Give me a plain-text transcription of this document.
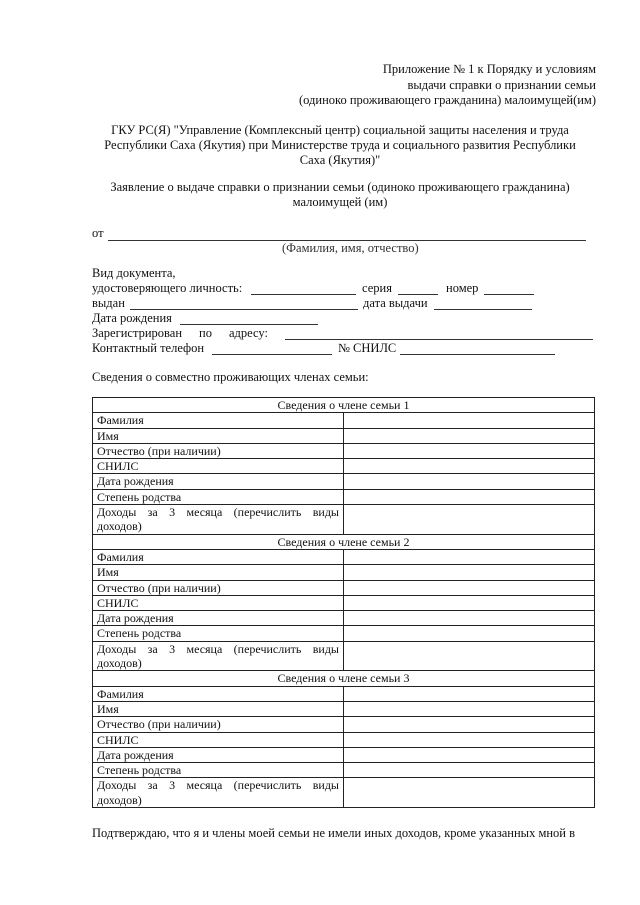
Приложение № 1 к Порядку и условиям
выдачи справки о признании семьи
(одиноко проживающего гражданина) малоимущей(им)
ГКУ РС(Я) "Управление (Комплексный центр) социальной защиты населения и труда
Республики Саха (Якутия) при Министерстве труда и социального развития Республики
Саха (Якутия)"
Заявление о выдаче справки о признании семьи (одиноко проживающего гражданина)
малоимущей (им)
от
(Фамилия, имя, отчество)
Вид документа,
удостоверяющего личность:	серия	номер
выдан	дата выдачи
Дата рождения
Зарегистрирован по адресу:
Контактный телефон	№ СНИЛС
Сведения о совместно проживающих членах семьи:
Сведения о члене семьи 1	
Фамилия	
Имя	
Отчество (при наличии)	
СНИЛС	
Дата рождения	
Степень родства	
Доходы за 3 месяца (перечислить виды доходов)	
Сведения о члене семьи 2	
Фамилия	
Имя	
Отчество (при наличии)	
СНИЛС	
Дата рождения	
Степень родства	
Доходы за 3 месяца (перечислить виды доходов)	
Сведения о члене семьи 3	
Фамилия	
Имя	
Отчество (при наличии)	
СНИЛС	
Дата рождения	
Степень родства	
Доходы за 3 месяца (перечислить виды доходов)	
Подтверждаю, что я и члены моей семьи не имели иных доходов, кроме указанных мной в
